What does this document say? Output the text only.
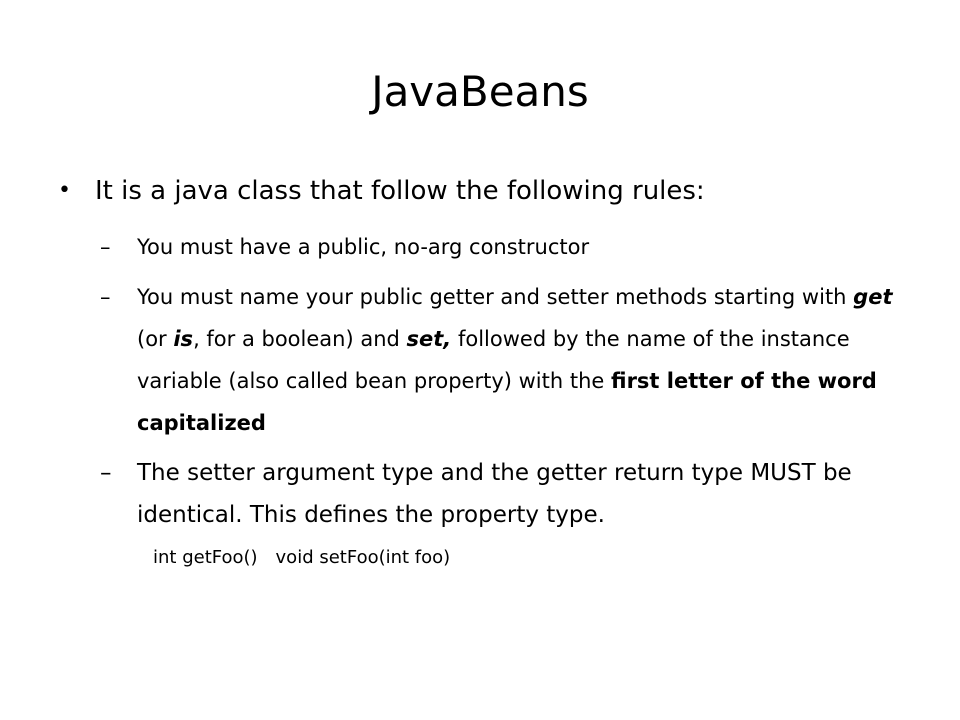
JavaBeans
• It is a java class that follow the following rules:
–	You must have a public, no-arg constructor
–	You must name your public getter and setter methods starting with get (or is, for a boolean) and set, followed by the name of the instance variable (also called bean property) with the first letter of the word capitalized
–	The setter argument type and the getter return type MUST be identical. This defines the property type.
int getFoo() void setFoo(int foo)
